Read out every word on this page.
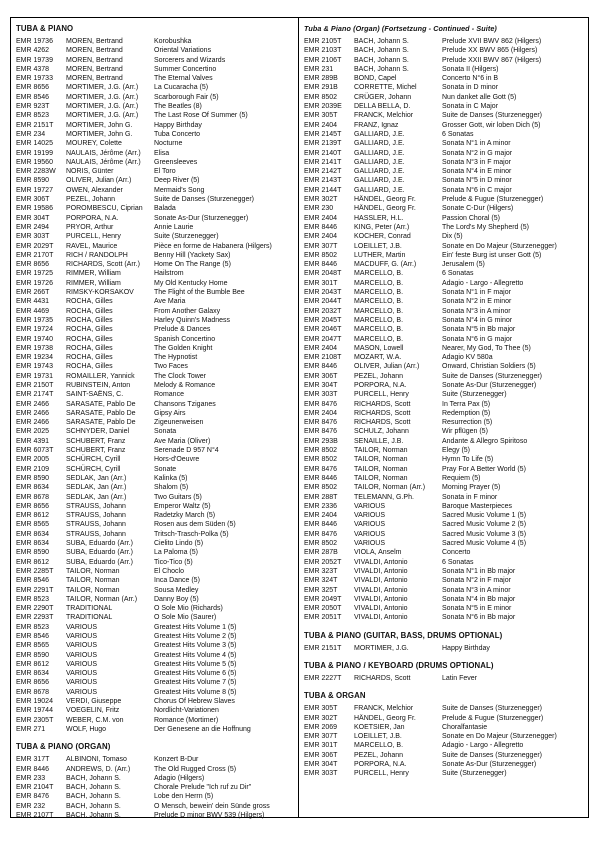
TUBA & PIANO
EMR 19736	MOREN, Bertrand	Korobushka
EMR 4262	MOREN, Bertrand	Oriental Variations
EMR 19739	MOREN, Bertrand	Sorcerers and Wizards
EMR 4378	MOREN, Bertrand	Summer Concertino
EMR 19733	MOREN, Bertrand	The Eternal Valves
EMR 8656	MORTIMER, J.G. (Arr.)	La Cucaracha (5)
EMR 8546	MORTIMER, J.G. (Arr.)	Scarborough Fair (5)
EMR 923T	MORTIMER, J.G. (Arr.)	The Beatles (8)
EMR 8523	MORTIMER, J.G. (Arr.)	The Last Rose Of Summer (5)
EMR 2151T	MORTIMER, John G.	Happy Birthday
EMR 234	MORTIMER, John G.	Tuba Concerto
EMR 14025	MOUREY, Colette	Nocturne
EMR 19199	NAULAIS, Jérôme (Arr.)	Elisa
EMR 19560	NAULAIS, Jérôme (Arr.)	Greensleeves
EMR 2283W	NORIS, Günter	El Toro
EMR 8590	OLIVER, Julian (Arr.)	Deep River (5)
EMR 19727	OWEN, Alexander	Mermaid's Song
EMR 306T	PEZEL, Johann	Suite de Danses (Sturzenegger)
EMR 19586	POROMBESCU, Ciprian	Balada
EMR 304T	PORPORA, N.A.	Sonate As-Dur (Sturzenegger)
EMR 2494	PRYOR, Arthur	Annie Laurie
EMR 303T	PURCELL, Henry	Suite (Sturzenegger)
EMR 2029T	RAVEL, Maurice	Pièce en forme de Habanera (Hilgers)
EMR 2170T	RICH / RANDOLPH	Benny Hill (Yackety Sax)
EMR 8656	RICHARDS, Scott (Arr.)	Home On The Range (5)
EMR 19725	RIMMER, William	Hailstrom
EMR 19726	RIMMER, William	My Old Kentucky Home
EMR 266T	RIMSKY-KORSAKOV	The Flight of the Bumble Bee
EMR 4431	ROCHA, Gilles	Ave Maria
EMR 4469	ROCHA, Gilles	From Another Galaxy
EMR 19735	ROCHA, Gilles	Harley Quinn's Madness
EMR 19724	ROCHA, Gilles	Prelude & Dances
EMR 19740	ROCHA, Gilles	Spanish Concertino
EMR 19738	ROCHA, Gilles	The Golden Knight
EMR 19234	ROCHA, Gilles	The Hypnotist
EMR 19743	ROCHA, Gilles	Two Faces
EMR 19731	ROMAILLER, Yannick	The Clock Tower
EMR 2150T	RUBINSTEIN, Anton	Melody & Romance
EMR 2174T	SAINT-SAËNS, C.	Romance
EMR 2466	SARASATE, Pablo De	Chansons Tziganes
EMR 2466	SARASATE, Pablo De	Gipsy Airs
EMR 2466	SARASATE, Pablo De	Zigeunerweisen
EMR 2025	SCHNYDER, Daniel	Sonata
EMR 4391	SCHUBERT, Franz	Ave Maria (Oliver)
EMR 6073T	SCHUBERT, Franz	Serenade D 957 N°4
EMR 2005	SCHÜRCH, Cyrill	Hors-d'Oeuvre
EMR 2109	SCHÜRCH, Cyrill	Sonate
EMR 8590	SEDLAK, Jan (Arr.)	Kalinka (5)
EMR 8634	SEDLAK, Jan (Arr.)	Shalom (5)
EMR 8678	SEDLAK, Jan (Arr.)	Two Guitars (5)
EMR 8656	STRAUSS, Johann	Emperor Waltz (5)
EMR 8612	STRAUSS, Johann	Radetzky March (5)
EMR 8565	STRAUSS, Johann	Rosen aus dem Süden (5)
EMR 8634	STRAUSS, Johann	Tritsch-Trasch-Polka (5)
EMR 8634	SUBA, Eduardo (Arr.)	Cielito Lindo (5)
EMR 8590	SUBA, Eduardo (Arr.)	La Paloma (5)
EMR 8612	SUBA, Eduardo (Arr.)	Tico-Tico (5)
EMR 2285T	TAILOR, Norman	El Choclo
EMR 8546	TAILOR, Norman	Inca Dance (5)
EMR 2291T	TAILOR, Norman	Sousa Medley
EMR 8523	TAILOR, Norman (Arr.)	Danny Boy (5)
EMR 2290T	TRADITIONAL	O Sole Mio (Richards)
EMR 2293T	TRADITIONAL	O Sole Mio (Saurer)
EMR 8523	VARIOUS	Greatest Hits Volume 1 (5)
EMR 8546	VARIOUS	Greatest Hits Volume 2 (5)
EMR 8565	VARIOUS	Greatest Hits Volume 3 (5)
EMR 8590	VARIOUS	Greatest Hits Volume 4 (5)
EMR 8612	VARIOUS	Greatest Hits Volume 5 (5)
EMR 8634	VARIOUS	Greatest Hits Volume 6 (5)
EMR 8656	VARIOUS	Greatest Hits Volume 7 (5)
EMR 8678	VARIOUS	Greatest Hits Volume 8 (5)
EMR 19024	VERDI, Giuseppe	Chorus Of Hebrew Slaves
EMR 19744	VOEGELIN, Fritz	Nordlicht-Variationen
EMR 2305T	WEBER, C.M. von	Romance (Mortimer)
EMR 271	WOLF, Hugo	Der Genesene an die Hoffnung
TUBA & PIANO (ORGAN)
EMR 317T	ALBINONI, Tomaso	Konzert B-Dur
EMR 8446	ANDREWS, D. (Arr.)	The Old Rugged Cross (5)
EMR 233	BACH, Johann S.	Adagio (Hilgers)
EMR 2104T	BACH, Johann S.	Chorale Prelude "Ich ruf zu Dir"
EMR 8476	BACH, Johann S.	Lobe den Herrn (5)
EMR 232	BACH, Johann S.	O Mensch, bewein' dein Sünde gross
EMR 2107T	BACH, Johann S.	Prelude D minor BWV 539 (Hilgers)
Tuba & Piano (Organ) (Fortsetzung - Continued - Suite)
EMR 2105T	BACH, Johann S.	Prelude XVII BWV 862 (Hilgers)
EMR 2103T	BACH, Johann S.	Prelude XX BWV 865 (Hilgers)
EMR 2106T	BACH, Johann S.	Prelude XXII BWV 867 (Hilgers)
EMR 231	BACH, Johann S.	Sonata II (Hilgers)
EMR 289B	BOND, Capel	Concerto N°6 in B
EMR 291B	CORRETTE, Michel	Sonata in D minor
EMR 8502	CRÜGER, Johann	Nun danket alle Gott (5)
EMR 2039E	DELLA BELLA, D.	Sonata in C Major
EMR 305T	FRANCK, Melchior	Suite de Danses (Sturzenegger)
EMR 2404	FRANZ, Ignaz	Grosser Gott, wir loben Dich (5)
EMR 2145T	GALLIARD, J.E.	6 Sonatas
EMR 2139T	GALLIARD, J.E.	Sonata N°1 in A minor
EMR 2140T	GALLIARD, J.E.	Sonata N°2 in G major
EMR 2141T	GALLIARD, J.E.	Sonata N°3 in F major
EMR 2142T	GALLIARD, J.E.	Sonata N°4 in E minor
EMR 2143T	GALLIARD, J.E.	Sonata N°5 in D minor
EMR 2144T	GALLIARD, J.E.	Sonata N°6 in C major
EMR 302T	HÄNDEL, Georg Fr.	Prelude & Fugue (Sturzenegger)
EMR 230	HÄNDEL, Georg Fr.	Sonate C-Dur (Hilgers)
EMR 2404	HASSLER, H.L.	Passion Choral (5)
EMR 8446	KING, Peter (Arr.)	The Lord's My Shepherd (5)
EMR 2404	KOCHER, Conrad	Dix (5)
EMR 307T	LOEILLET, J.B.	Sonate en Do Majeur (Sturzenegger)
EMR 8502	LUTHER, Martin	Ein' feste Burg ist unser Gott (5)
EMR 8446	MACDUFF, G. (Arr.)	Jerusalem (5)
EMR 2048T	MARCELLO, B.	6 Sonatas
EMR 301T	MARCELLO, B.	Adagio - Largo - Allegretto
EMR 2043T	MARCELLO, B.	Sonata N°1 in F major
EMR 2044T	MARCELLO, B.	Sonata N°2 in E minor
EMR 2032T	MARCELLO, B.	Sonata N°3 in A minor
EMR 2045T	MARCELLO, B.	Sonata N°4 in G minor
EMR 2046T	MARCELLO, B.	Sonata N°5 in Bb major
EMR 2047T	MARCELLO, B.	Sonata N°6 in G major
EMR 2404	MASON, Lowell	Nearer, My God, To Thee (5)
EMR 2108T	MOZART, W.A.	Adagio KV 580a
EMR 8446	OLIVER, Julian (Arr.)	Onward, Christian Soldiers (5)
EMR 306T	PEZEL, Johann	Suite de Danses (Sturzenegger)
EMR 304T	PORPORA, N.A.	Sonate As-Dur (Sturzenegger)
EMR 303T	PURCELL, Henry	Suite (Sturzenegger)
EMR 8476	RICHARDS, Scott	In Terra Pax (5)
EMR 2404	RICHARDS, Scott	Redemption (5)
EMR 8476	RICHARDS, Scott	Resurrection (5)
EMR 8476	SCHULZ, Johann	Wir pflügen (5)
EMR 293B	SENAILLE, J.B.	Andante & Allegro Spiritoso
EMR 8502	TAILOR, Norman	Elegy (5)
EMR 8502	TAILOR, Norman	Hymn To Life (5)
EMR 8476	TAILOR, Norman	Pray For A Better World (5)
EMR 8446	TAILOR, Norman	Requiem (5)
EMR 8502	TAILOR, Norman (Arr.)	Morning Prayer (5)
EMR 288T	TELEMANN, G.Ph.	Sonata in F minor
EMR 2336	VARIOUS	Baroque Masterpieces
EMR 2404	VARIOUS	Sacred Music Volume 1 (5)
EMR 8446	VARIOUS	Sacred Music Volume 2 (5)
EMR 8476	VARIOUS	Sacred Music Volume 3 (5)
EMR 8502	VARIOUS	Sacred Music Volume 4 (5)
EMR 287B	VIOLA, Anselm	Concerto
EMR 2052T	VIVALDI, Antonio	6 Sonatas
EMR 323T	VIVALDI, Antonio	Sonata N°1 in Bb major
EMR 324T	VIVALDI, Antonio	Sonata N°2 in F major
EMR 325T	VIVALDI, Antonio	Sonata N°3 in A minor
EMR 2049T	VIVALDI, Antonio	Sonata N°4 in Bb major
EMR 2050T	VIVALDI, Antonio	Sonata N°5 in E minor
EMR 2051T	VIVALDI, Antonio	Sonata N°6 in Bb major
TUBA & PIANO (GUITAR, BASS, DRUMS OPTIONAL)
EMR 2151T	MORTIMER, J.G.	Happy Birthday
TUBA & PIANO / KEYBOARD (DRUMS OPTIONAL)
EMR 2227T	RICHARDS, Scott	Latin Fever
TUBA & ORGAN
EMR 305T	FRANCK, Melchior	Suite de Danses (Sturzenegger)
EMR 302T	HÄNDEL, Georg Fr.	Prelude & Fugue (Sturzenegger)
EMR 2069	KOETSIER, Jan	Choralfantasie
EMR 307T	LOEILLET, J.B.	Sonate en Do Majeur (Sturzenegger)
EMR 301T	MARCELLO, B.	Adagio - Largo - Allegretto
EMR 306T	PEZEL, Johann	Suite de Danses (Sturzenegger)
EMR 304T	PORPORA, N.A.	Sonate As-Dur (Sturzenegger)
EMR 303T	PURCELL, Henry	Suite (Sturzenegger)
